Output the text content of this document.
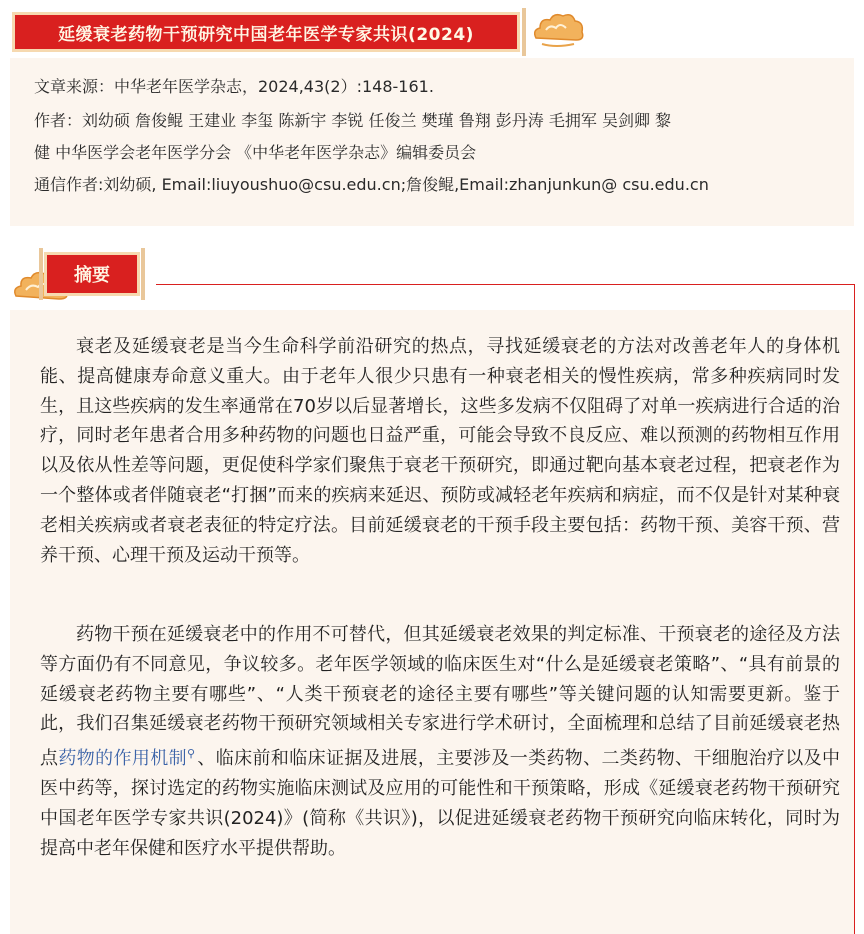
延缓衰老药物干预研究中国老年医学专家共识(2024)
文章来源：中华老年医学杂志，2024,43(2）:148-161.
作者：刘幼硕 詹俊鲲 王建业 李玺 陈新宇 李锐 任俊兰 樊瑾 鲁翔 彭丹涛 毛拥军 吴剑卿 黎
健 中华医学会老年医学分会 《中华老年医学杂志》编辑委员会
通信作者:刘幼硕, Email:liuyoushuo@csu.edu.cn;詹俊鲲,Email:zhanjunkun@ csu.edu.cn
摘要

衰老及延缓衰老是当今生命科学前沿研究的热点，寻找延缓衰老的方法对改善老年人的身体机能、提高健康寿命意义重大。由于老年人很少只患有一种衰老相关的慢性疾病，常多种疾病同时发生，且这些疾病的发生率通常在70岁以后显著增长，这些多发病不仅阻碍了对单一疾病进行合适的治疗，同时老年患者合用多种药物的问题也日益严重，可能会导致不良反应、难以预测的药物相互作用以及依从性差等问题，更促使科学家们聚焦于衰老干预研究，即通过靶向基本衰老过程，把衰老作为一个整体或者伴随衰老“打捆”而来的疾病来延迟、预防或减轻老年疾病和病症，而不仅是针对某种衰老相关疾病或者衰老表征的特定疗法。目前延缓衰老的干预手段主要包括：药物干预、美容干预、营养干预、心理干预及运动干预等。

药物干预在延缓衰老中的作用不可替代，但其延缓衰老效果的判定标准、干预衰老的途径及方法等方面仍有不同意见，争议较多。老年医学领域的临床医生对“什么是延缓衰老策略”、“具有前景的延缓衰老药物主要有哪些”、“人类干预衰老的途径主要有哪些”等关键问题的认知需要更新。鉴于此，我们召集延缓衰老药物干预研究领域相关专家进行学术研讨，全面梳理和总结了目前延缓衰老热点药物的作用机制⚲ 、临床前和临床证据及进展，主要涉及一类药物、二类药物、干细胞治疗以及中医中药等，探讨选定的药物实施临床测试及应用的可能性和干预策略，形成《延缓衰老药物干预研究中国老年医学专家共识(2024)》(简称《共识》)，以促进延缓衰老药物干预研究向临床转化，同时为提高中老年保健和医疗水平提供帮助。
